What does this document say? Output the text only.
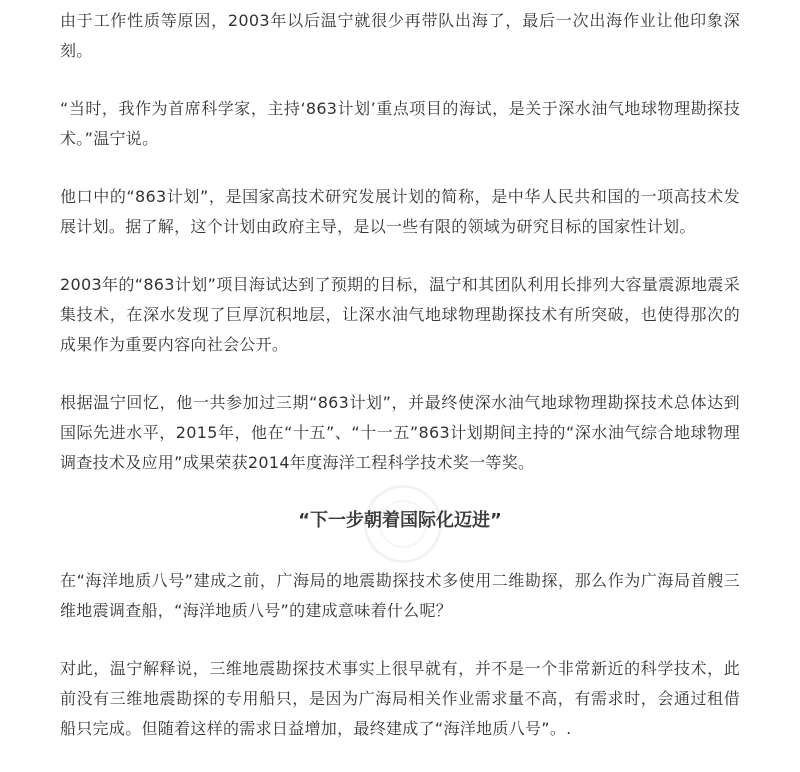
由于工作性质等原因，2003年以后温宁就很少再带队出海了，最后一次出海作业让他印象深刻。

“当时，我作为首席科学家，主持‘863计划’重点项目的海试，是关于深水油气地球物理勘探技术。”温宁说。

他口中的“863计划”，是国家高技术研究发展计划的简称，是中华人民共和国的一项高技术发展计划。据了解，这个计划由政府主导，是以一些有限的领域为研究目标的国家性计划。

2003年的“863计划”项目海试达到了预期的目标，温宁和其团队利用长排列大容量震源地震采集技术，在深水发现了巨厚沉积地层，让深水油气地球物理勘探技术有所突破，也使得那次的成果作为重要内容向社会公开。

根据温宁回忆，他一共参加过三期“863计划”，并最终使深水油气地球物理勘探技术总体达到国际先进水平，2015年，他在“十五”、“十一五”863计划期间主持的“深水油气综合地球物理调查技术及应用”成果荣获2014年度海洋工程科学技术奖一等奖。

“下一步朝着国际化迈进”

在“海洋地质八号”建成之前，广海局的地震勘探技术多使用二维勘探，那么作为广海局首艘三维地震调查船，“海洋地质八号”的建成意味着什么呢？

对此，温宁解释说，三维地震勘探技术事实上很早就有，并不是一个非常新近的科学技术，此前没有三维地震勘探的专用船只，是因为广海局相关作业需求量不高，有需求时，会通过租借船只完成。但随着这样的需求日益增加，最终建成了“海洋地质八号”。.
